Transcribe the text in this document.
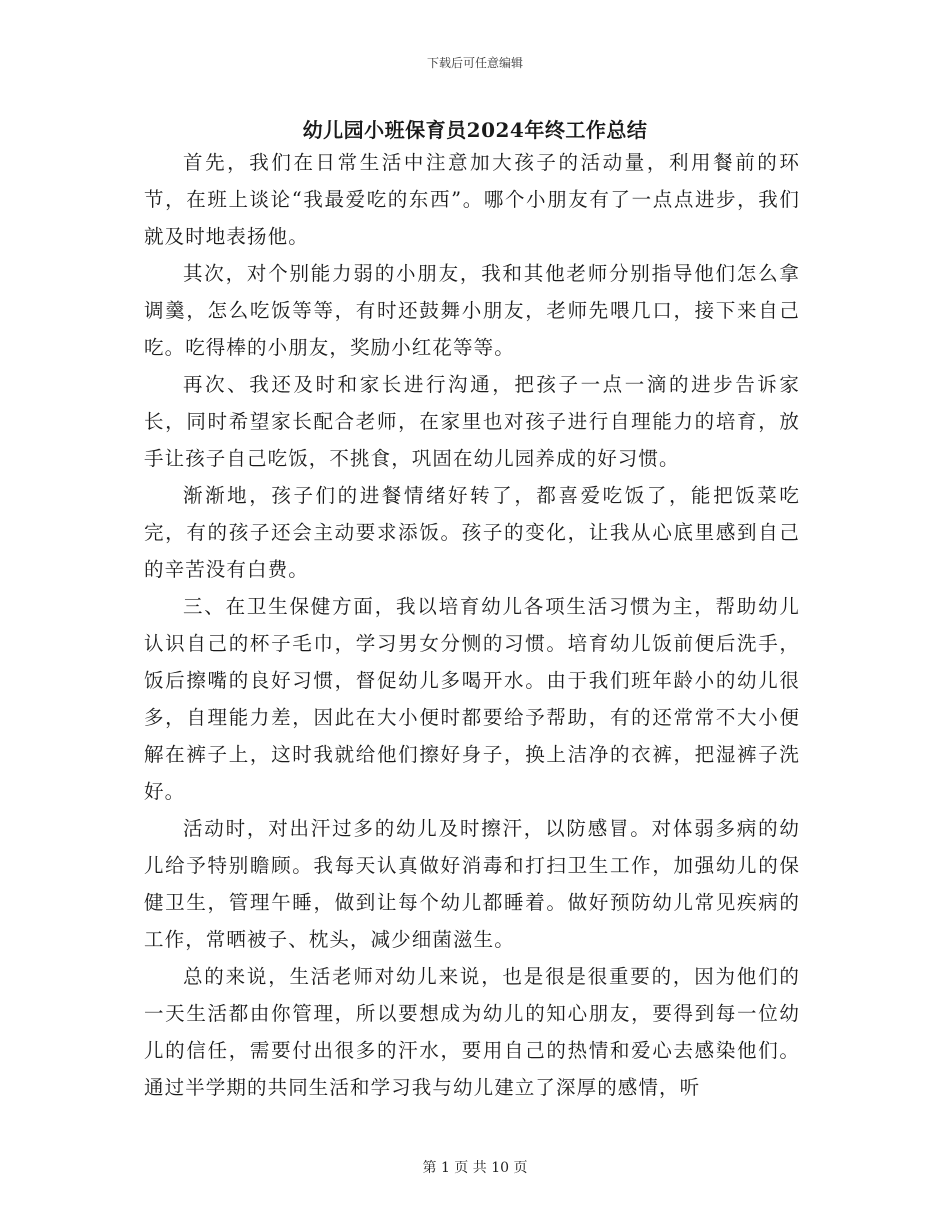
下载后可任意编辑
幼儿园小班保育员2024年终工作总结

首先，我们在日常生活中注意加大孩子的活动量，利用餐前的环节，在班上谈论“我最爱吃的东西”。哪个小朋友有了一点点进步，我们就及时地表扬他。

其次，对个别能力弱的小朋友，我和其他老师分别指导他们怎么拿调羹，怎么吃饭等等，有时还鼓舞小朋友，老师先喂几口，接下来自己吃。吃得棒的小朋友，奖励小红花等等。

再次、我还及时和家长进行沟通，把孩子一点一滴的进步告诉家长，同时希望家长配合老师，在家里也对孩子进行自理能力的培育，放手让孩子自己吃饭，不挑食，巩固在幼儿园养成的好习惯。

渐渐地，孩子们的进餐情绪好转了，都喜爱吃饭了，能把饭菜吃完，有的孩子还会主动要求添饭。孩子的变化，让我从心底里感到自己的辛苦没有白费。

三、在卫生保健方面，我以培育幼儿各项生活习惯为主，帮助幼儿认识自己的杯子毛巾，学习男女分恻的习惯。培育幼儿饭前便后洗手，饭后擦嘴的良好习惯，督促幼儿多喝开水。由于我们班年龄小的幼儿很多，自理能力差，因此在大小便时都要给予帮助，有的还常常不大小便解在裤子上，这时我就给他们擦好身子，换上洁净的衣裤，把湿裤子洗好。

活动时，对出汗过多的幼儿及时擦汗，以防感冒。对体弱多病的幼儿给予特别瞻顾。我每天认真做好消毒和打扫卫生工作，加强幼儿的保健卫生，管理午睡，做到让每个幼儿都睡着。做好预防幼儿常见疾病的工作，常晒被子、枕头，减少细菌滋生。

总的来说，生活老师对幼儿来说，也是很是很重要的，因为他们的一天生活都由你管理，所以要想成为幼儿的知心朋友，要得到每一位幼儿的信任，需要付出很多的汗水，要用自己的热情和爱心去感染他们。通过半学期的共同生活和学习我与幼儿建立了深厚的感情，听

第 1 页 共 10 页
